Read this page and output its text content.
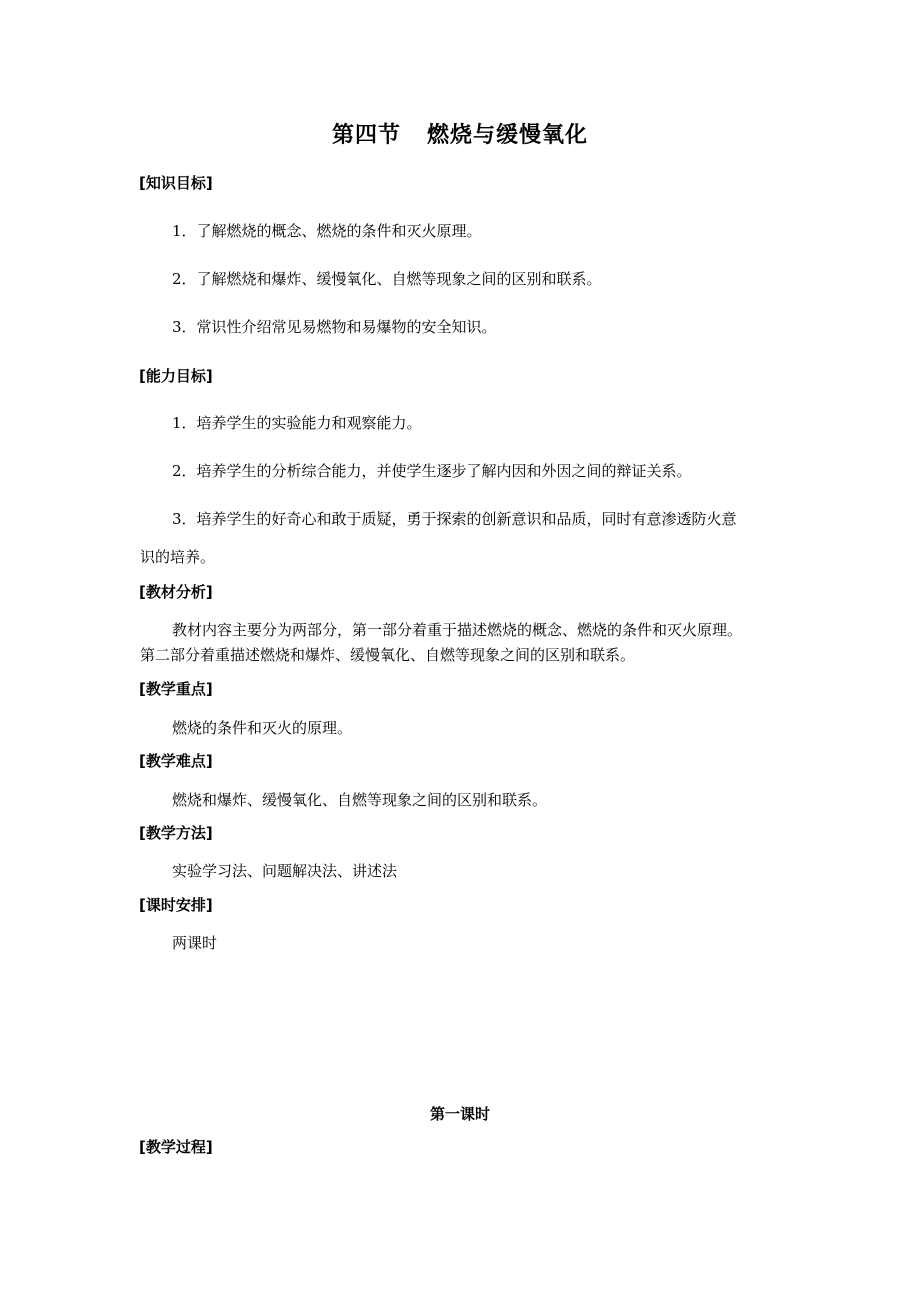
第四节 燃烧与缓慢氧化
[知识目标]
1．了解燃烧的概念、燃烧的条件和灭火原理。
2．了解燃烧和爆炸、缓慢氧化、自燃等现象之间的区别和联系。
3．常识性介绍常见易燃物和易爆物的安全知识。
[能力目标]
1．培养学生的实验能力和观察能力。
2．培养学生的分析综合能力，并使学生逐步了解内因和外因之间的辩证关系。
3．培养学生的好奇心和敢于质疑，勇于探索的创新意识和品质，同时有意渗透防火意
识的培养。
[教材分析]
教材内容主要分为两部分，第一部分着重于描述燃烧的概念、燃烧的条件和灭火原理。
第二部分着重描述燃烧和爆炸、缓慢氧化、自燃等现象之间的区别和联系。
[教学重点]
燃烧的条件和灭火的原理。
[教学难点]
燃烧和爆炸、缓慢氧化、自燃等现象之间的区别和联系。
[教学方法]
实验学习法、问题解决法、讲述法
[课时安排]
两课时
第一课时
[教学过程]
